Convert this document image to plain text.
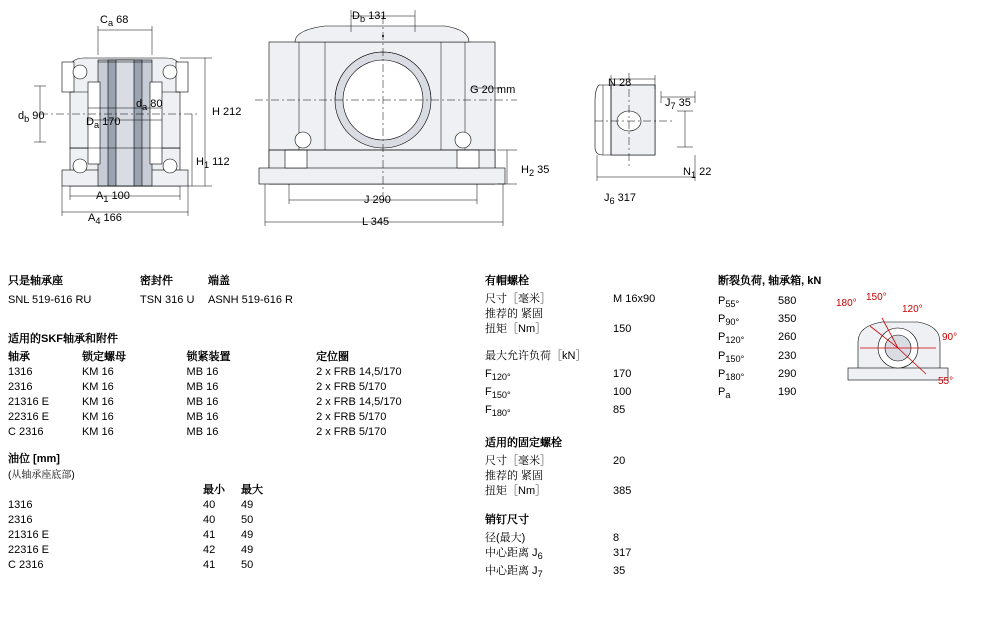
$C_a$ 68
H 212
$d_a$ 80
$D_a$ 170
$d_b$ 90
$H_1$ 112
$A_1$ 100
$A_4$ 166
$D_b$ 131
G 20 mm
$H_2$ 35
J 290
L 345
N 28
$J_7$ 35
$N_1$ 22
$J_6$ 317
只是轴承座
SNL 519-616 RU
密封件
TSN 316 U
端盖
ASNH 519-616 R
适用的SKF轴承和附件
轴承	锁定螺母	锁紧装置	定位圈
1316	KM 16	MB 16	2 x FRB 14,5/170
2316	KM 16	MB 16	2 x FRB 5/170
21316 E	KM 16	MB 16	2 x FRB 14,5/170
22316 E	KM 16	MB 16	2 x FRB 5/170
C 2316	KM 16	MB 16	2 x FRB 5/170
油位 [mm]
(从轴承座底部)
	最小	最大
1316	40	49
2316	40	50
21316 E	41	49
22316 E	42	49
C 2316	41	50
有帽螺栓
尺寸［毫米］	M 16x90
推荐的 紧固	
扭矩［Nm］	150
最大允许负荷［kN］
$F_{120^\circ}$	170
$F_{150^\circ}$	100
$F_{180^\circ}$	85
适用的固定螺栓
尺寸［毫米］	20
推荐的 紧固	
扭矩［Nm］	385
销钉尺寸
径(最大)	8
中心距离 $J_6$	317
中心距离 $J_7$	35
断裂负荷, 轴承箱, kN
$P_{55^\circ}$	580
$P_{90^\circ}$	350
$P_{120^\circ}$	260
$P_{150^\circ}$	230
$P_{180^\circ}$	290
$P_a$	190
180°
150°
120°
90°
55°
